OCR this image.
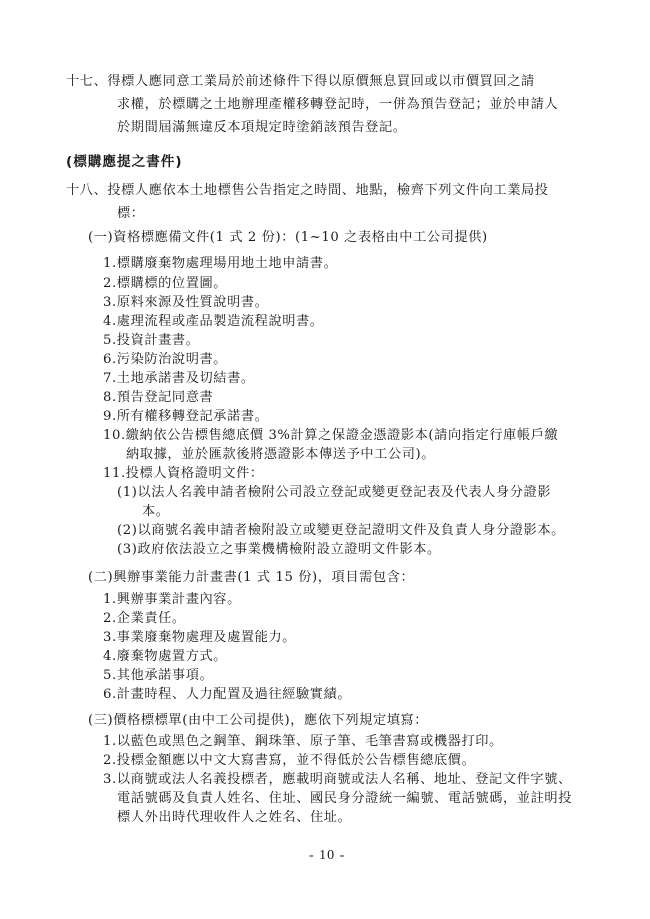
十七、得標人應同意工業局於前述條件下得以原價無息買回或以市價買回之請
求權，於標購之土地辦理產權移轉登記時，一併為預告登記；並於申請人
於期間屆滿無違反本項規定時塗銷該預告登記。
(標購應提之書件)
十八、投標人應依本土地標售公告指定之時間、地點，檢齊下列文件向工業局投
標：
(一)資格標應備文件(1 式 2 份)：(1~10 之表格由中工公司提供)
1.標購廢棄物處理場用地土地申請書。
2.標購標的位置圖。
3.原料來源及性質說明書。
4.處理流程或產品製造流程說明書。
5.投資計畫書。
6.污染防治說明書。
7.土地承諾書及切結書。
8.預告登記同意書
9.所有權移轉登記承諾書。
10.繳納依公告標售總底價 3%計算之保證金憑證影本(請向指定行庫帳戶繳
納取據，並於匯款後將憑證影本傳送予中工公司)。
11.投標人資格證明文件：
(1)以法人名義申請者檢附公司設立登記或變更登記表及代表人身分證影
本。
(2)以商號名義申請者檢附設立或變更登記證明文件及負責人身分證影本。
(3)政府依法設立之事業機構檢附設立證明文件影本。
(二)興辦事業能力計畫書(1 式 15 份)，項目需包含：
1.興辦事業計畫內容。
2.企業責任。
3.事業廢棄物處理及處置能力。
4.廢棄物處置方式。
5.其他承諾事項。
6.計畫時程、人力配置及過往經驗實績。
(三)價格標標單(由中工公司提供)，應依下列規定填寫：
1.以藍色或黑色之鋼筆、鋼珠筆、原子筆、毛筆書寫或機器打印。
2.投標金額應以中文大寫書寫，並不得低於公告標售總底價。
3.以商號或法人名義投標者，應載明商號或法人名稱、地址、登記文件字號、
電話號碼及負責人姓名、住址、國民身分證統一編號、電話號碼，並註明投
標人外出時代理收件人之姓名、住址。
- 10 -
